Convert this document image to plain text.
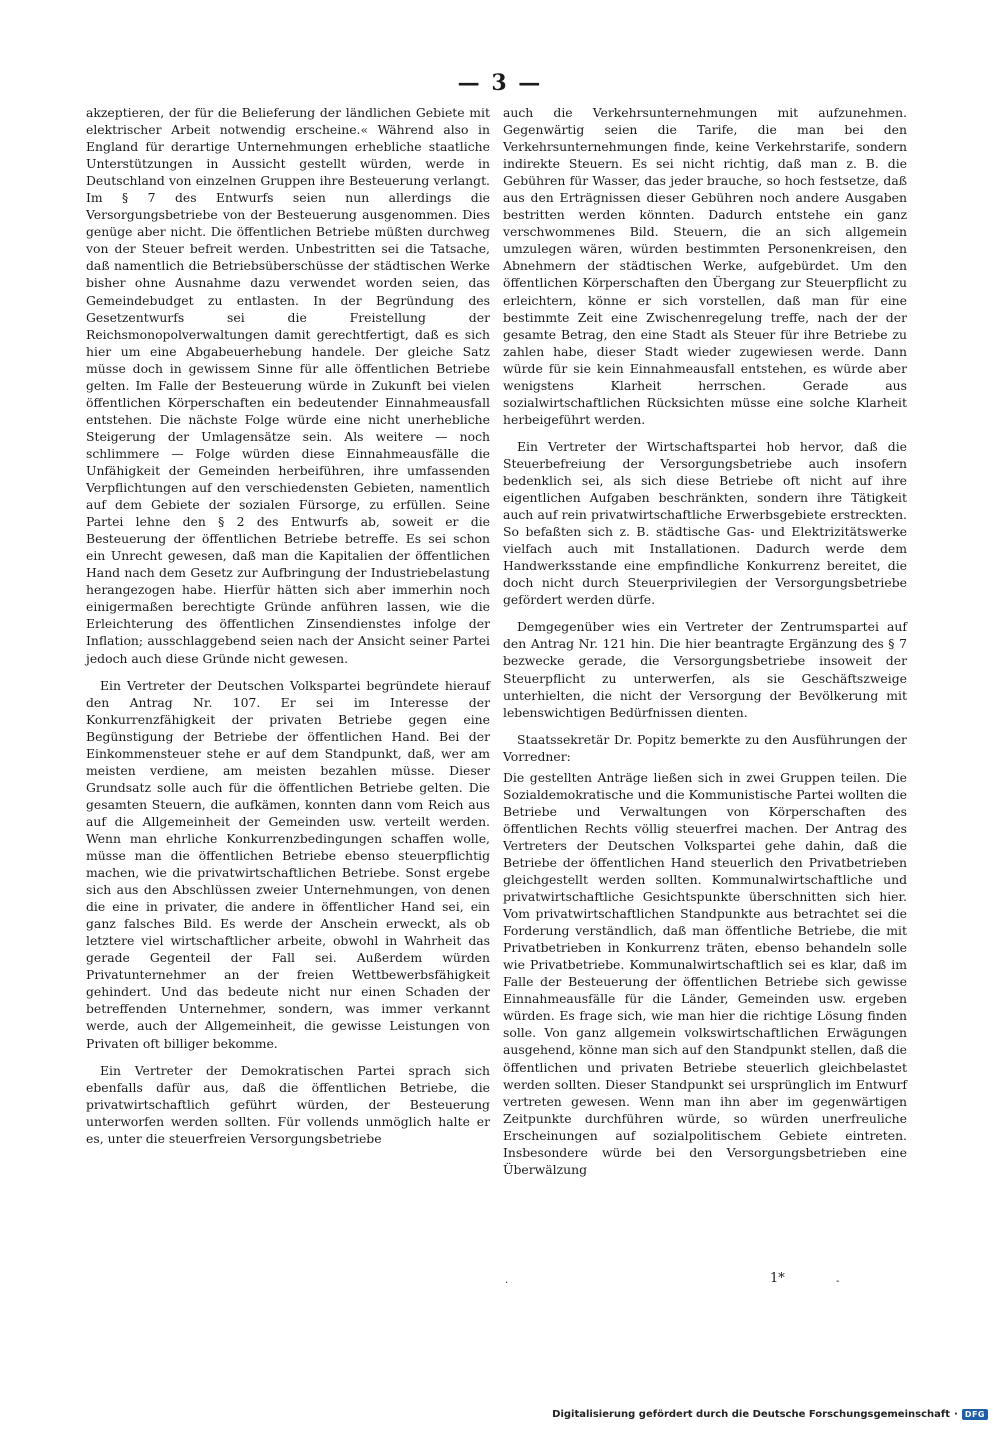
— 3 —

akzeptieren, der für die Belieferung der ländlichen Gebiete mit elektrischer Arbeit notwendig erscheine.« Während also in England für derartige Unternehmungen erhebliche staatliche Unterstützungen in Aussicht gestellt würden, werde in Deutschland von einzelnen Gruppen ihre Besteuerung verlangt. Im § 7 des Entwurfs seien nun allerdings die Versorgungsbetriebe von der Besteuerung ausgenommen. Dies genüge aber nicht. Die öffentlichen Betriebe müßten durchweg von der Steuer befreit werden. Unbestritten sei die Tatsache, daß namentlich die Betriebsüberschüsse der städtischen Werke bisher ohne Ausnahme dazu verwendet worden seien, das Gemeindebudget zu entlasten. In der Begründung des Gesetzentwurfs sei die Freistellung der Reichsmonopolverwaltungen damit gerechtfertigt, daß es sich hier um eine Abgabeuerhebung handele. Der gleiche Satz müsse doch in gewissem Sinne für alle öffentlichen Betriebe gelten. Im Falle der Besteuerung würde in Zukunft bei vielen öffentlichen Körperschaften ein bedeutender Einnahmeausfall entstehen. Die nächste Folge würde eine nicht unerhebliche Steigerung der Umlagensätze sein. Als weitere — noch schlimmere — Folge würden diese Einnahmeausfälle die Unfähigkeit der Gemeinden herbeiführen, ihre umfassenden Verpflichtungen auf den verschiedensten Gebieten, namentlich auf dem Gebiete der sozialen Fürsorge, zu erfüllen. Seine Partei lehne den § 2 des Entwurfs ab, soweit er die Besteuerung der öffentlichen Betriebe betreffe. Es sei schon ein Unrecht gewesen, daß man die Kapitalien der öffentlichen Hand nach dem Gesetz zur Aufbringung der Industriebelastung herangezogen habe. Hierfür hätten sich aber immerhin noch einigermaßen berechtigte Gründe anführen lassen, wie die Erleichterung des öffentlichen Zinsendienstes infolge der Inflation; ausschlaggebend seien nach der Ansicht seiner Partei jedoch auch diese Gründe nicht gewesen.

Ein Vertreter der Deutschen Volkspartei begründete hierauf den Antrag Nr. 107. Er sei im Interesse der Konkurrenzfähigkeit der privaten Betriebe gegen eine Begünstigung der Betriebe der öffentlichen Hand. Bei der Einkommensteuer stehe er auf dem Standpunkt, daß, wer am meisten verdiene, am meisten bezahlen müsse. Dieser Grundsatz solle auch für die öffentlichen Betriebe gelten. Die gesamten Steuern, die aufkämen, konnten dann vom Reich aus auf die Allgemeinheit der Gemeinden usw. verteilt werden. Wenn man ehrliche Konkurrenzbedingungen schaffen wolle, müsse man die öffentlichen Betriebe ebenso steuerpflichtig machen, wie die privatwirtschaftlichen Betriebe. Sonst ergebe sich aus den Abschlüssen zweier Unternehmungen, von denen die eine in privater, die andere in öffentlicher Hand sei, ein ganz falsches Bild. Es werde der Anschein erweckt, als ob letztere viel wirtschaftlicher arbeite, obwohl in Wahrheit das gerade Gegenteil der Fall sei. Außerdem würden Privatunternehmer an der freien Wettbewerbsfähigkeit gehindert. Und das bedeute nicht nur einen Schaden der betreffenden Unternehmer, sondern, was immer verkannt werde, auch der Allgemeinheit, die gewisse Leistungen von Privaten oft billiger bekomme.

Ein Vertreter der Demokratischen Partei sprach sich ebenfalls dafür aus, daß die öffentlichen Betriebe, die privatwirtschaftlich geführt würden, der Besteuerung unterworfen werden sollten. Für vollends unmöglich halte er es, unter die steuerfreien Versorgungsbetriebe

auch die Verkehrsunternehmungen mit aufzunehmen. Gegenwärtig seien die Tarife, die man bei den Verkehrsunternehmungen finde, keine Verkehrstarife, sondern indirekte Steuern. Es sei nicht richtig, daß man z. B. die Gebühren für Wasser, das jeder brauche, so hoch festsetze, daß aus den Erträgnissen dieser Gebühren noch andere Ausgaben bestritten werden könnten. Dadurch entstehe ein ganz verschwommenes Bild. Steuern, die an sich allgemein umzulegen wären, würden bestimmten Personenkreisen, den Abnehmern der städtischen Werke, aufgebürdet. Um den öffentlichen Körperschaften den Übergang zur Steuerpflicht zu erleichtern, könne er sich vorstellen, daß man für eine bestimmte Zeit eine Zwischenregelung treffe, nach der der gesamte Betrag, den eine Stadt als Steuer für ihre Betriebe zu zahlen habe, dieser Stadt wieder zugewiesen werde. Dann würde für sie kein Einnahmeausfall entstehen, es würde aber wenigstens Klarheit herrschen. Gerade aus sozialwirtschaftlichen Rücksichten müsse eine solche Klarheit herbeigeführt werden.

Ein Vertreter der Wirtschaftspartei hob hervor, daß die Steuerbefreiung der Versorgungsbetriebe auch insofern bedenklich sei, als sich diese Betriebe oft nicht auf ihre eigentlichen Aufgaben beschränkten, sondern ihre Tätigkeit auch auf rein privatwirtschaftliche Erwerbsgebiete erstreckten. So befaßten sich z. B. städtische Gas- und Elektrizitätswerke vielfach auch mit Installationen. Dadurch werde dem Handwerksstande eine empfindliche Konkurrenz bereitet, die doch nicht durch Steuerprivilegien der Versorgungsbetriebe gefördert werden dürfe.

Demgegenüber wies ein Vertreter der Zentrumspartei auf den Antrag Nr. 121 hin. Die hier beantragte Ergänzung des § 7 bezwecke gerade, die Versorgungsbetriebe insoweit der Steuerpflicht zu unterwerfen, als sie Geschäftszweige unterhielten, die nicht der Versorgung der Bevölkerung mit lebenswichtigen Bedürfnissen dienten.

Staatssekretär Dr. Popitz bemerkte zu den Ausführungen der Vorredner:

Die gestellten Anträge ließen sich in zwei Gruppen teilen. Die Sozialdemokratische und die Kommunistische Partei wollten die Betriebe und Verwaltungen von Körperschaften des öffentlichen Rechts völlig steuerfrei machen. Der Antrag des Vertreters der Deutschen Volkspartei gehe dahin, daß die Betriebe der öffentlichen Hand steuerlich den Privatbetrieben gleichgestellt werden sollten. Kommunalwirtschaftliche und privatwirtschaftliche Gesichtspunkte überschnitten sich hier. Vom privatwirtschaftlichen Standpunkte aus betrachtet sei die Forderung verständlich, daß man öffentliche Betriebe, die mit Privatbetrieben in Konkurrenz träten, ebenso behandeln solle wie Privatbetriebe. Kommunalwirtschaftlich sei es klar, daß im Falle der Besteuerung der öffentlichen Betriebe sich gewisse Einnahmeausfälle für die Länder, Gemeinden usw. ergeben würden. Es frage sich, wie man hier die richtige Lösung finden solle. Von ganz allgemein volkswirtschaftlichen Erwägungen ausgehend, könne man sich auf den Standpunkt stellen, daß die öffentlichen und privaten Betriebe steuerlich gleichbelastet werden sollten. Dieser Standpunkt sei ursprünglich im Entwurf vertreten gewesen. Wenn man ihn aber im gegenwärtigen Zeitpunkte durchführen würde, so würden unerfreuliche Erscheinungen auf sozialpolitischem Gebiete eintreten. Insbesondere würde bei den Versorgungsbetrieben eine Überwälzung

1*
·	-
Digitalisierung gefördert durch die Deutsche Forschungsgemeinschaft · DFG
